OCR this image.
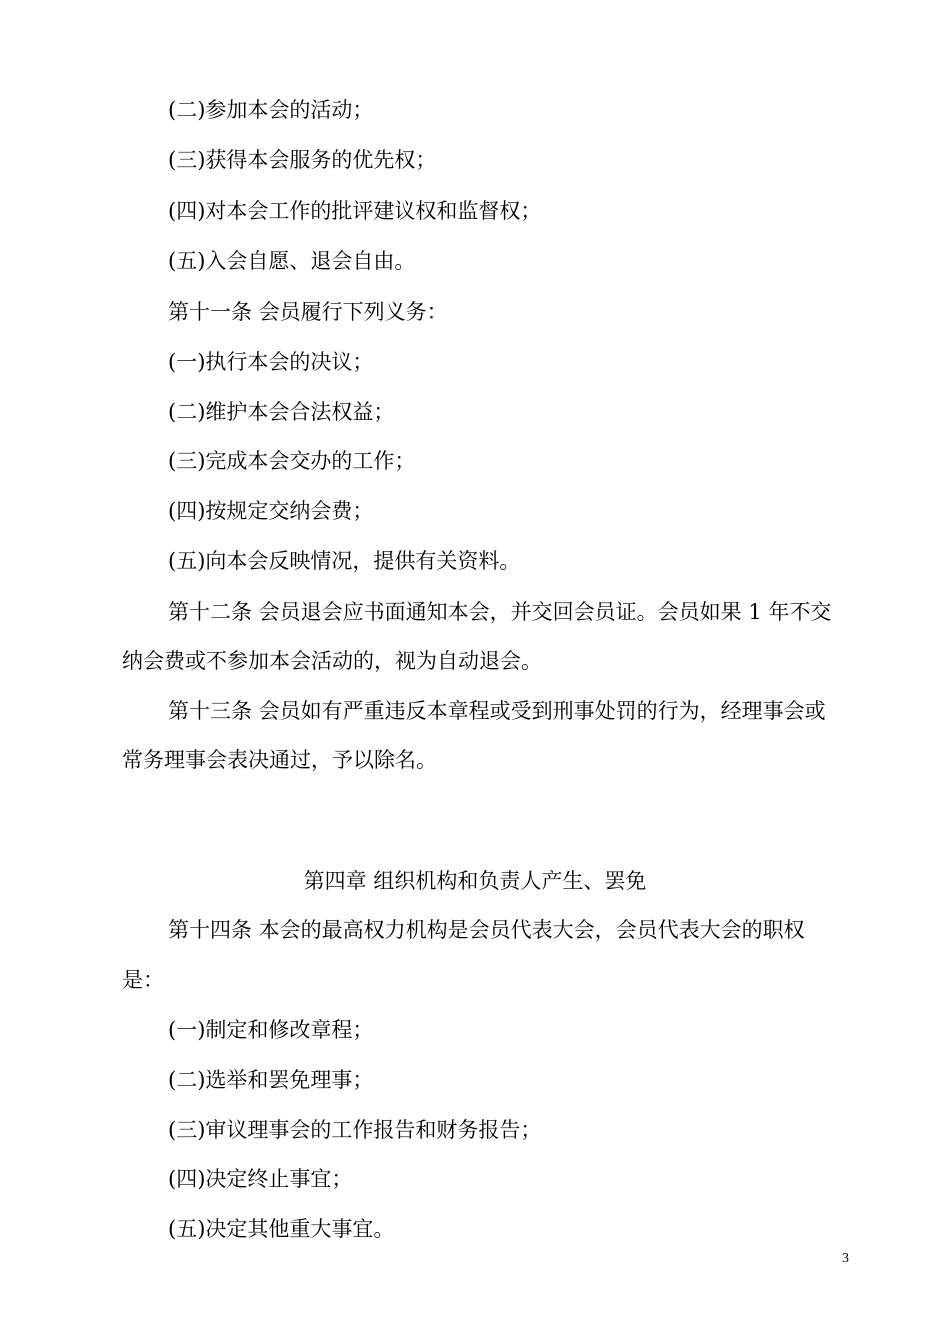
(二)参加本会的活动；
(三)获得本会服务的优先权；
(四)对本会工作的批评建议权和监督权；
(五)入会自愿、退会自由。
第十一条 会员履行下列义务：
(一)执行本会的决议；
(二)维护本会合法权益；
(三)完成本会交办的工作；
(四)按规定交纳会费；
(五)向本会反映情况，提供有关资料。
第十二条 会员退会应书面通知本会，并交回会员证。会员如果 1 年不交
纳会费或不参加本会活动的，视为自动退会。
第十三条 会员如有严重违反本章程或受到刑事处罚的行为，经理事会或
常务理事会表决通过，予以除名。
第四章 组织机构和负责人产生、罢免
第十四条 本会的最高权力机构是会员代表大会，会员代表大会的职权
是：
(一)制定和修改章程；
(二)选举和罢免理事；
(三)审议理事会的工作报告和财务报告；
(四)决定终止事宜；
(五)决定其他重大事宜。
3
